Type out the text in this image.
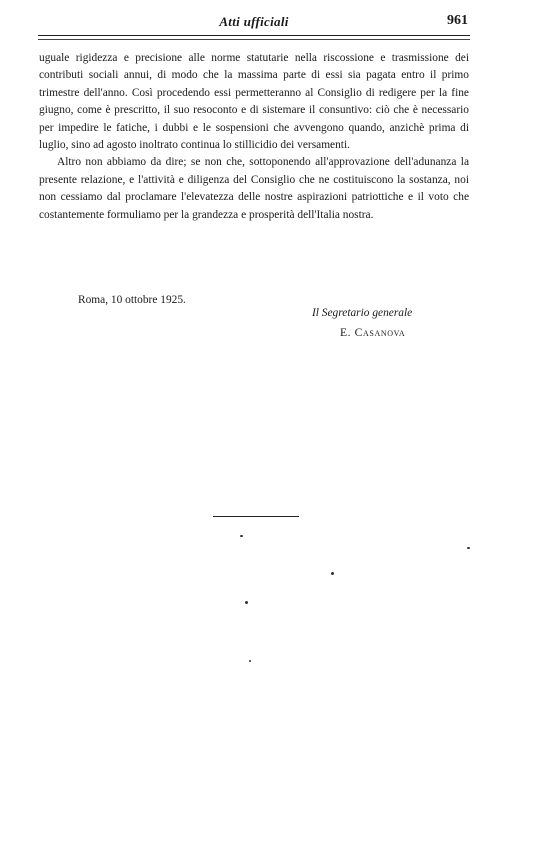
Atti ufficiali	961

uguale rigidezza e precisione alle norme statutarie nella riscossione e trasmissione dei contributi sociali annui, di modo che la massima parte di essi sia pagata entro il primo trimestre dell'anno. Così procedendo essi permetteranno al Consiglio di redigere per la fine giugno, come è prescritto, il suo resoconto e di sistemare il consuntivo: ciò che è necessario per impedire le fatiche, i dubbi e le sospensioni che avvengono quando, anzichè prima di luglio, sino ad agosto inoltrato continua lo stillicidio dei versamenti.

Altro non abbiamo da dire; se non che, sottoponendo all'approvazione dell'adunanza la presente relazione, e l'attività e diligenza del Consiglio che ne costituiscono la sostanza, noi non cessiamo dal proclamare l'elevatezza delle nostre aspirazioni patriottiche e il voto che costantemente formuliamo per la grandezza e prosperità dell'Italia nostra.

Roma, 10 ottobre 1925.
Il Segretario generale
E. Casanova
